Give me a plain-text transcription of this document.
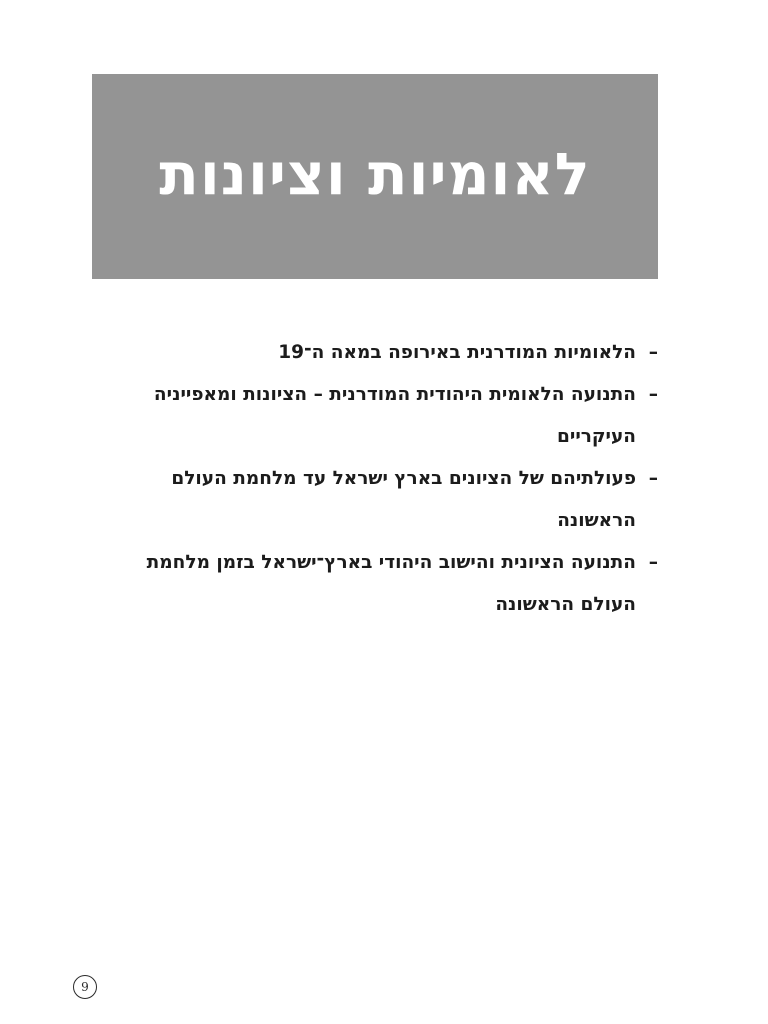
לאומיות וציונות
–
הלאומיות המודרנית באירופה במאה ה־19
–
התנועה הלאומית היהודית המודרנית – הציונות ומאפייניה העיקריים
–
פעולתיהם של הציונים בארץ ישראל עד מלחמת העולם הראשונה
–
התנועה הציונית והישוב היהודי בארץ־ישראל בזמן מלחמת העולם הראשונה
9
